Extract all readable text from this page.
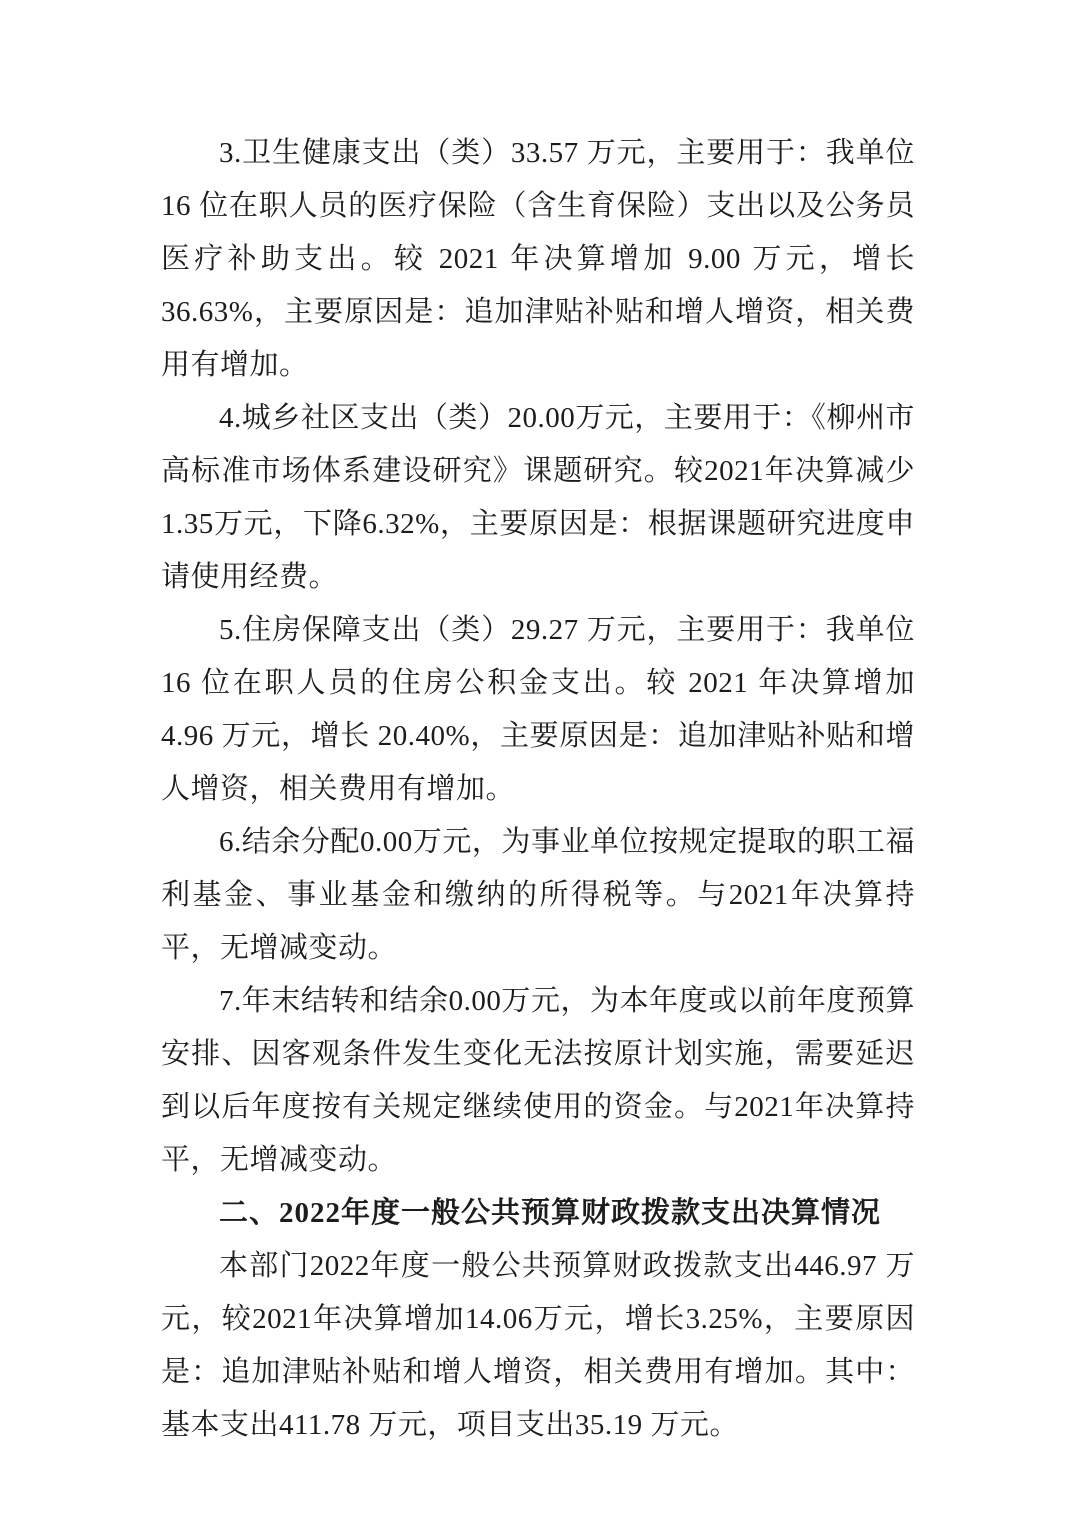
3.卫生健康支出（类）33.57 万元，主要用于：我单位 16 位在职人员的医疗保险（含生育保险）支出以及公务员医疗补助支出。较 2021 年决算增加 9.00 万元，增长 36.63%，主要原因是：追加津贴补贴和增人增资，相关费用有增加。

4.城乡社区支出（类）20.00万元，主要用于：《柳州市高标准市场体系建设研究》课题研究。较2021年决算减少1.35万元，下降6.32%，主要原因是：根据课题研究进度申请使用经费。

5.住房保障支出（类）29.27 万元，主要用于：我单位 16 位在职人员的住房公积金支出。较 2021 年决算增加 4.96 万元，增长 20.40%，主要原因是：追加津贴补贴和增人增资，相关费用有增加。

6.结余分配0.00万元，为事业单位按规定提取的职工福利基金、事业基金和缴纳的所得税等。与2021年决算持平，无增减变动。

7.年末结转和结余0.00万元，为本年度或以前年度预算安排、因客观条件发生变化无法按原计划实施，需要延迟到以后年度按有关规定继续使用的资金。与2021年决算持平，无增减变动。

二、2022年度一般公共预算财政拨款支出决算情况

本部门2022年度一般公共预算财政拨款支出446.97 万元，较2021年决算增加14.06万元，增长3.25%，主要原因是：追加津贴补贴和增人增资，相关费用有增加。其中：基本支出411.78 万元，项目支出35.19 万元。
